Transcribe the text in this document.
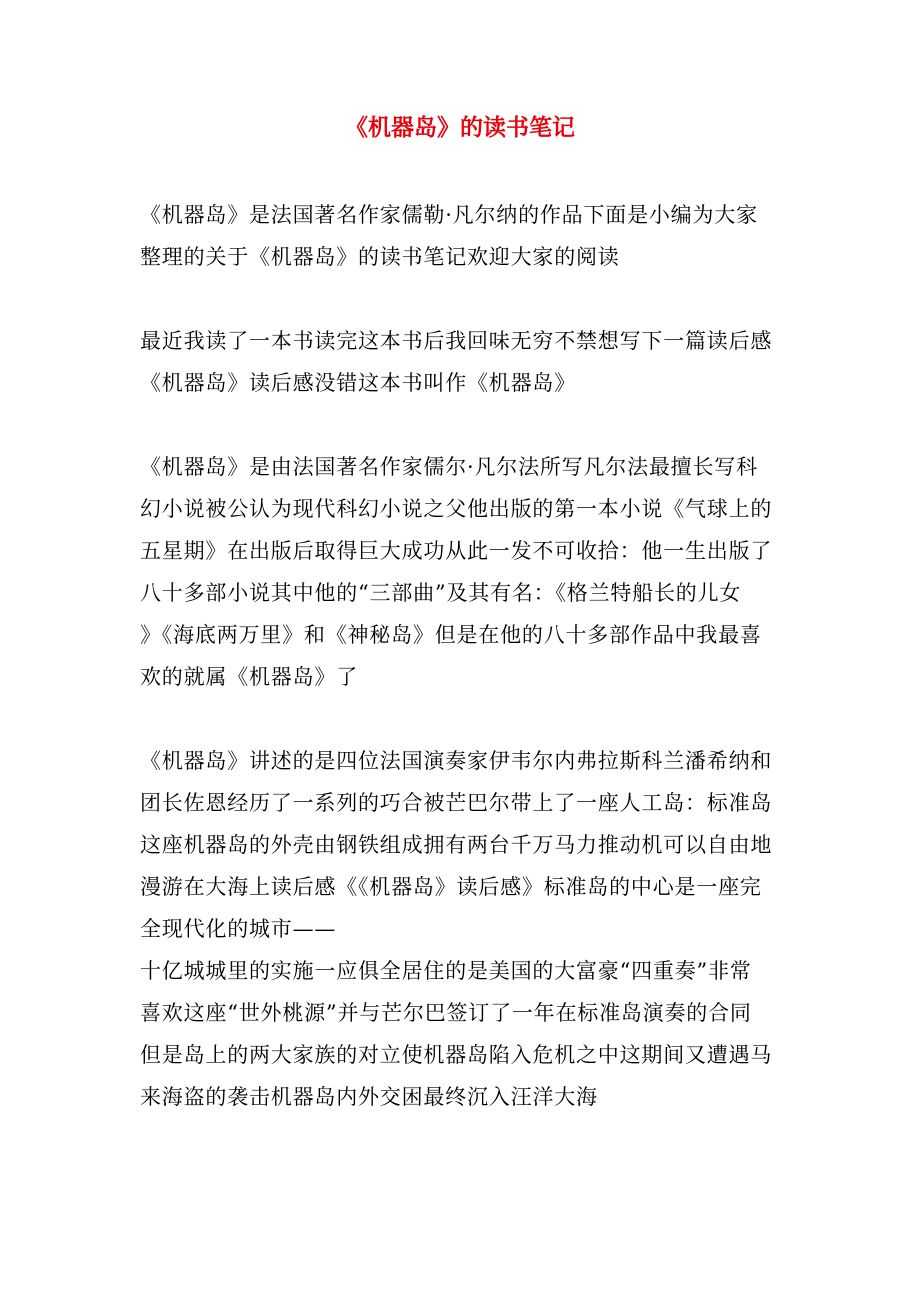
《机器岛》的读书笔记
《机器岛》是法国著名作家儒勒·凡尔纳的作品下面是小编为大家
整理的关于《机器岛》的读书笔记欢迎大家的阅读
最近我读了一本书读完这本书后我回味无穷不禁想写下一篇读后感
《机器岛》读后感没错这本书叫作《机器岛》
《机器岛》是由法国著名作家儒尔·凡尔法所写凡尔法最擅长写科
幻小说被公认为现代科幻小说之父他出版的第一本小说《气球上的
五星期》在出版后取得巨大成功从此一发不可收拾：他一生出版了
八十多部小说其中他的“三部曲”及其有名：《格兰特船长的儿女
》《海底两万里》和《神秘岛》但是在他的八十多部作品中我最喜
欢的就属《机器岛》了
《机器岛》讲述的是四位法国演奏家伊韦尔内弗拉斯科兰潘希纳和
团长佐恩经历了一系列的巧合被芒巴尔带上了一座人工岛：标准岛
这座机器岛的外壳由钢铁组成拥有两台千万马力推动机可以自由地
漫游在大海上读后感《《机器岛》读后感》标准岛的中心是一座完
全现代化的城市——
十亿城城里的实施一应俱全居住的是美国的大富豪“四重奏”非常
喜欢这座“世外桃源”并与芒尔巴签订了一年在标准岛演奏的合同
但是岛上的两大家族的对立使机器岛陷入危机之中这期间又遭遇马
来海盗的袭击机器岛内外交困最终沉入汪洋大海
